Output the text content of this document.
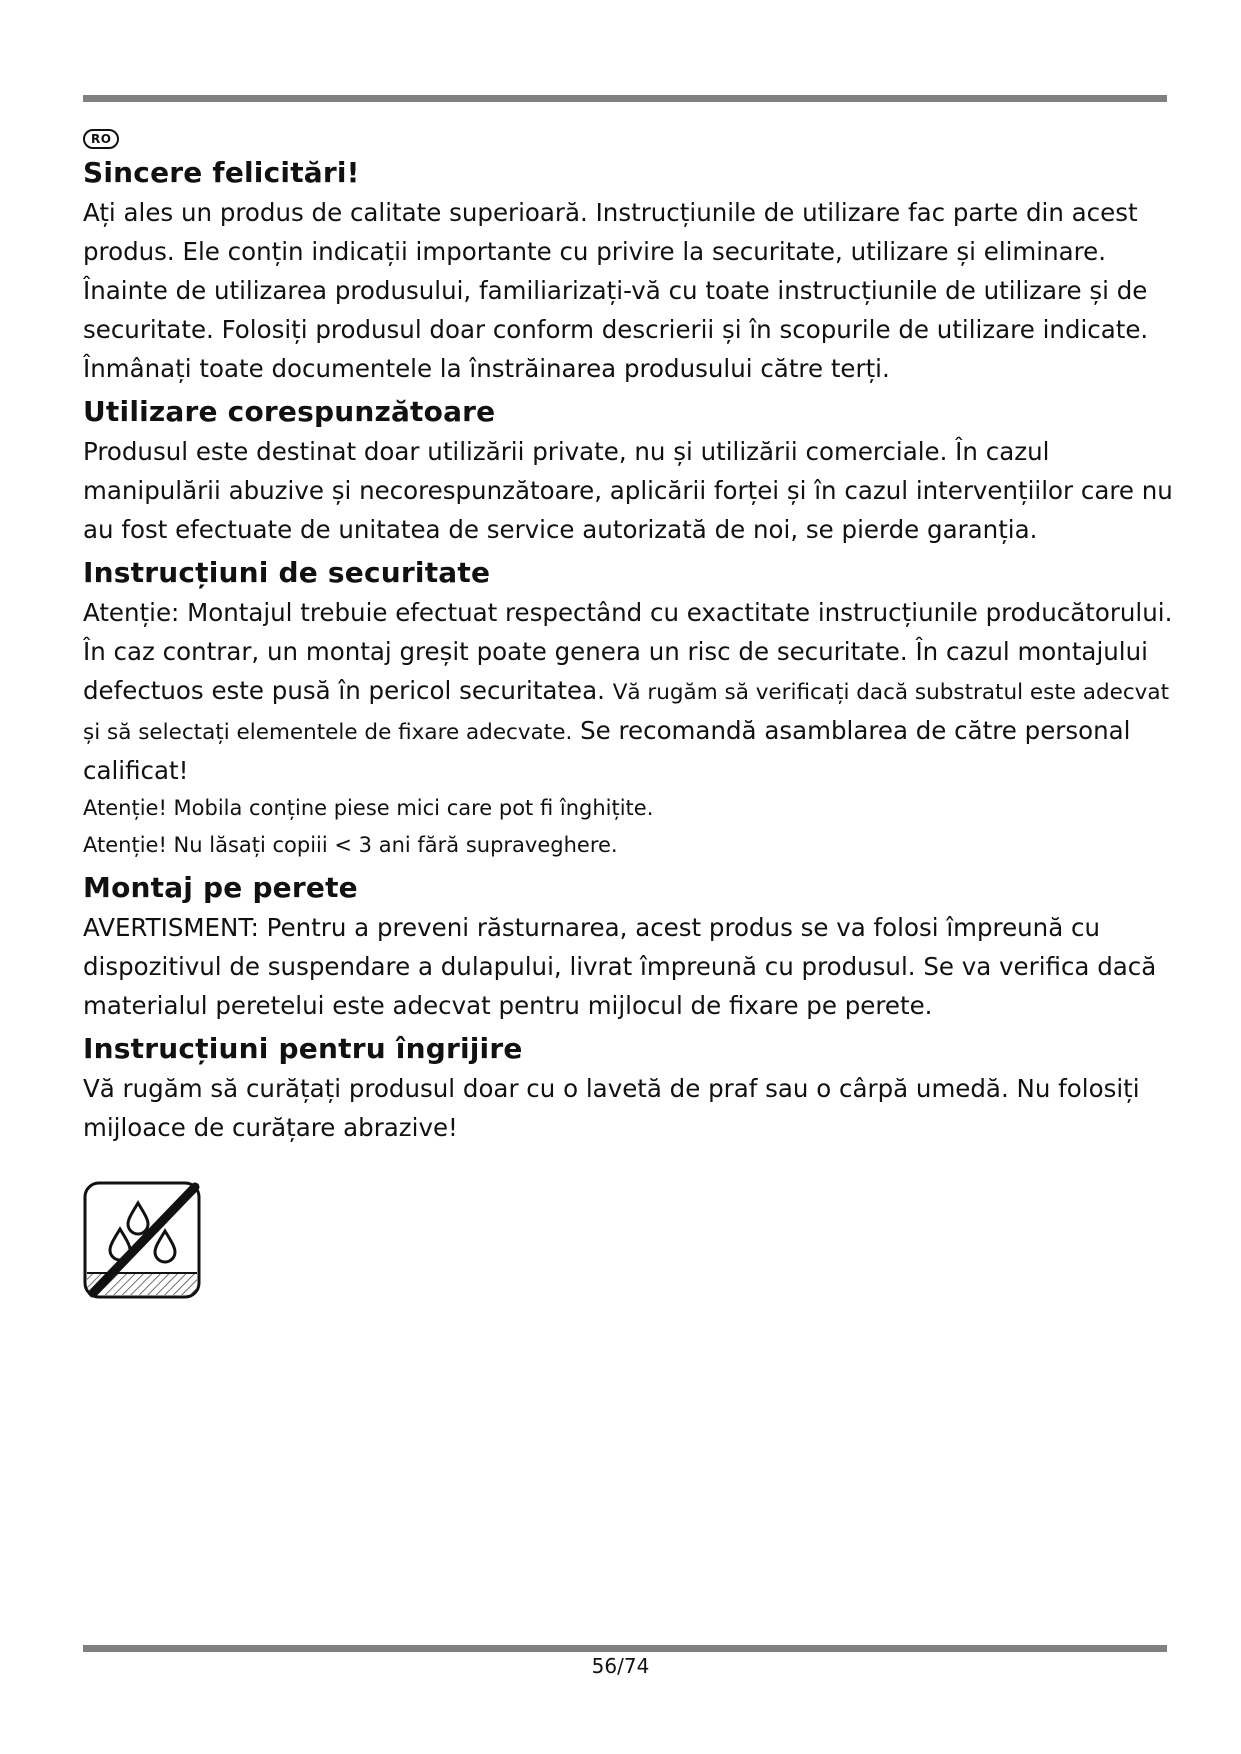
RO
Sincere felicitări!

Ați ales un produs de calitate superioară. Instrucțiunile de utilizare fac parte din acest produs. Ele conțin indicații importante cu privire la securitate, utilizare și eliminare. Înainte de utilizarea produsului, familiarizați-vă cu toate instrucțiunile de utilizare și de securitate. Folosiți produsul doar conform descrierii și în scopurile de utilizare indicate. Înmânați toate documentele la înstrăinarea produsului către terți.

Utilizare corespunzătoare

Produsul este destinat doar utilizării private, nu și utilizării comerciale. În cazul manipulării abuzive și necorespunzătoare, aplicării forței și în cazul intervențiilor care nu au fost efectuate de unitatea de service autorizată de noi, se pierde garanția.

Instrucțiuni de securitate

Atenție: Montajul trebuie efectuat respectând cu exactitate instrucțiunile producătorului. În caz contrar, un montaj greșit poate genera un risc de securitate. În cazul montajului defectuos este pusă în pericol securitatea. Vă rugăm să verificați dacă substratul este adecvat și să selectați elementele de fixare adecvate. Se recomandă asamblarea de către personal calificat!

Atenție! Mobila conține piese mici care pot fi înghițite.

Atenție! Nu lăsați copiii < 3 ani fără supraveghere.

Montaj pe perete

AVERTISMENT: Pentru a preveni răsturnarea, acest produs se va folosi împreună cu dispozitivul de suspendare a dulapului, livrat împreună cu produsul. Se va verifica dacă materialul peretelui este adecvat pentru mijlocul de fixare pe perete.

Instrucțiuni pentru îngrijire

Vă rugăm să curățați produsul doar cu o lavetă de praf sau o cârpă umedă. Nu folosiți mijloace de curățare abrazive!

56/74
